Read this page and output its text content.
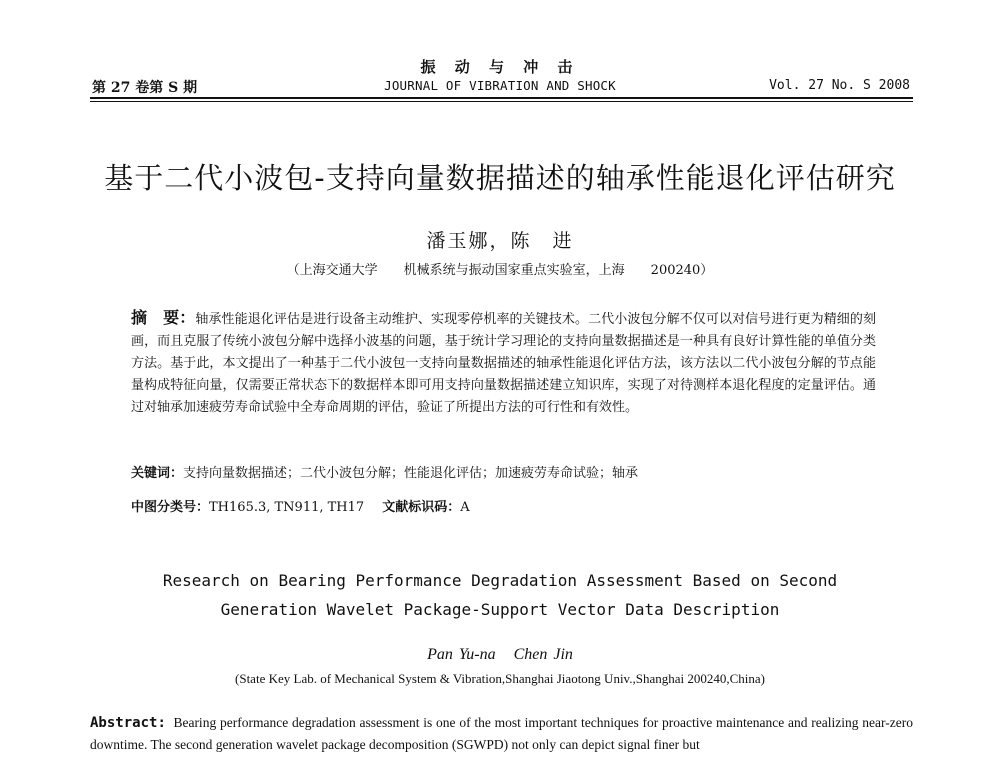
振 动 与 冲 击
第 27 卷第 S 期	JOURNAL OF VIBRATION AND SHOCK	Vol. 27 No. S 2008
基于二代小波包-支持向量数据描述的轴承性能退化评估研究
潘玉娜，陈　进
（上海交通大学　　机械系统与振动国家重点实验室，上海　　200240）
摘　要：轴承性能退化评估是进行设备主动维护、实现零停机率的关键技术。二代小波包分解不仅可以对信号进行更为精细的刻画，而且克服了传统小波包分解中选择小波基的问题，基于统计学习理论的支持向量数据描述是一种具有良好计算性能的单值分类方法。基于此，本文提出了一种基于二代小波包一支持向量数据描述的轴承性能退化评估方法，该方法以二代小波包分解的节点能量构成特征向量，仅需要正常状态下的数据样本即可用支持向量数据描述建立知识库，实现了对待测样本退化程度的定量评估。通过对轴承加速疲劳寿命试验中全寿命周期的评估，验证了所提出方法的可行性和有效性。
关键词：支持向量数据描述；二代小波包分解；性能退化评估；加速疲劳寿命试验；轴承
中图分类号：TH165.3, TN911, TH17 文献标识码：A
Research on Bearing Performance Degradation Assessment Based on Second
Generation Wavelet Package-Support Vector Data Description
Pan Yu-na Chen Jin
(State Key Lab. of Mechanical System & Vibration,Shanghai Jiaotong Univ.,Shanghai 200240,China)
Abstract: Bearing performance degradation assessment is one of the most important techniques for proactive maintenance and realizing near-zero downtime. The second generation wavelet package decomposition (SGWPD) not only can depict signal finer but
